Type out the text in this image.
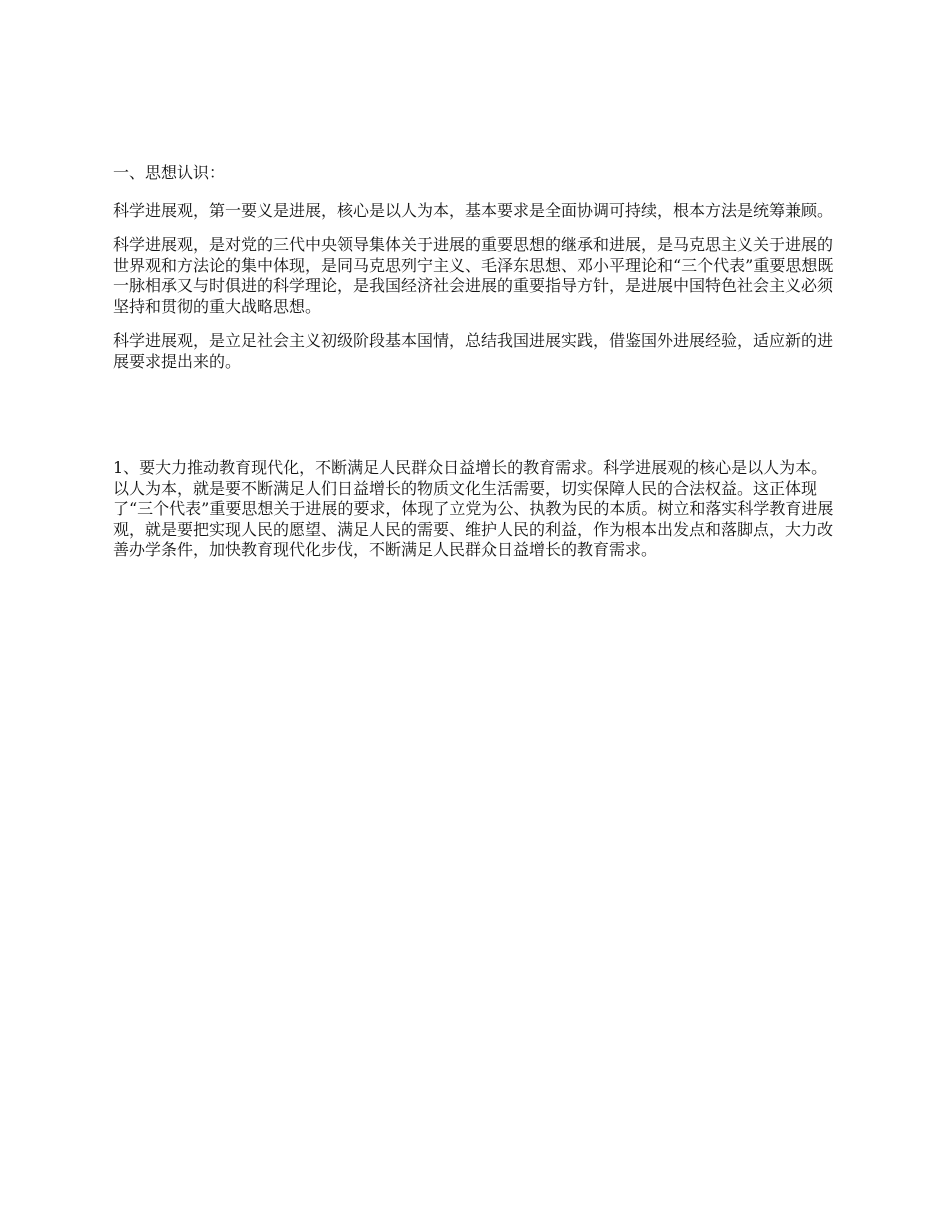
一、思想认识：

科学进展观，第一要义是进展，核心是以人为本，基本要求是全面协调可持续，根本方法是统筹兼顾。

科学进展观，是对党的三代中央领导集体关于进展的重要思想的继承和进展，是马克思主义关于进展的世界观和方法论的集中体现，是同马克思列宁主义、毛泽东思想、邓小平理论和“三个代表”重要思想既一脉相承又与时俱进的科学理论，是我国经济社会进展的重要指导方针，是进展中国特色社会主义必须坚持和贯彻的重大战略思想。

科学进展观，是立足社会主义初级阶段基本国情，总结我国进展实践，借鉴国外进展经验，适应新的进展要求提出来的。

1、要大力推动教育现代化，不断满足人民群众日益增长的教育需求。科学进展观的核心是以人为本。以人为本，就是要不断满足人们日益增长的物质文化生活需要，切实保障人民的合法权益。这正体现了“三个代表”重要思想关于进展的要求，体现了立党为公、执教为民的本质。树立和落实科学教育进展观，就是要把实现人民的愿望、满足人民的需要、维护人民的利益，作为根本出发点和落脚点，大力改善办学条件，加快教育现代化步伐，不断满足人民群众日益增长的教育需求。
